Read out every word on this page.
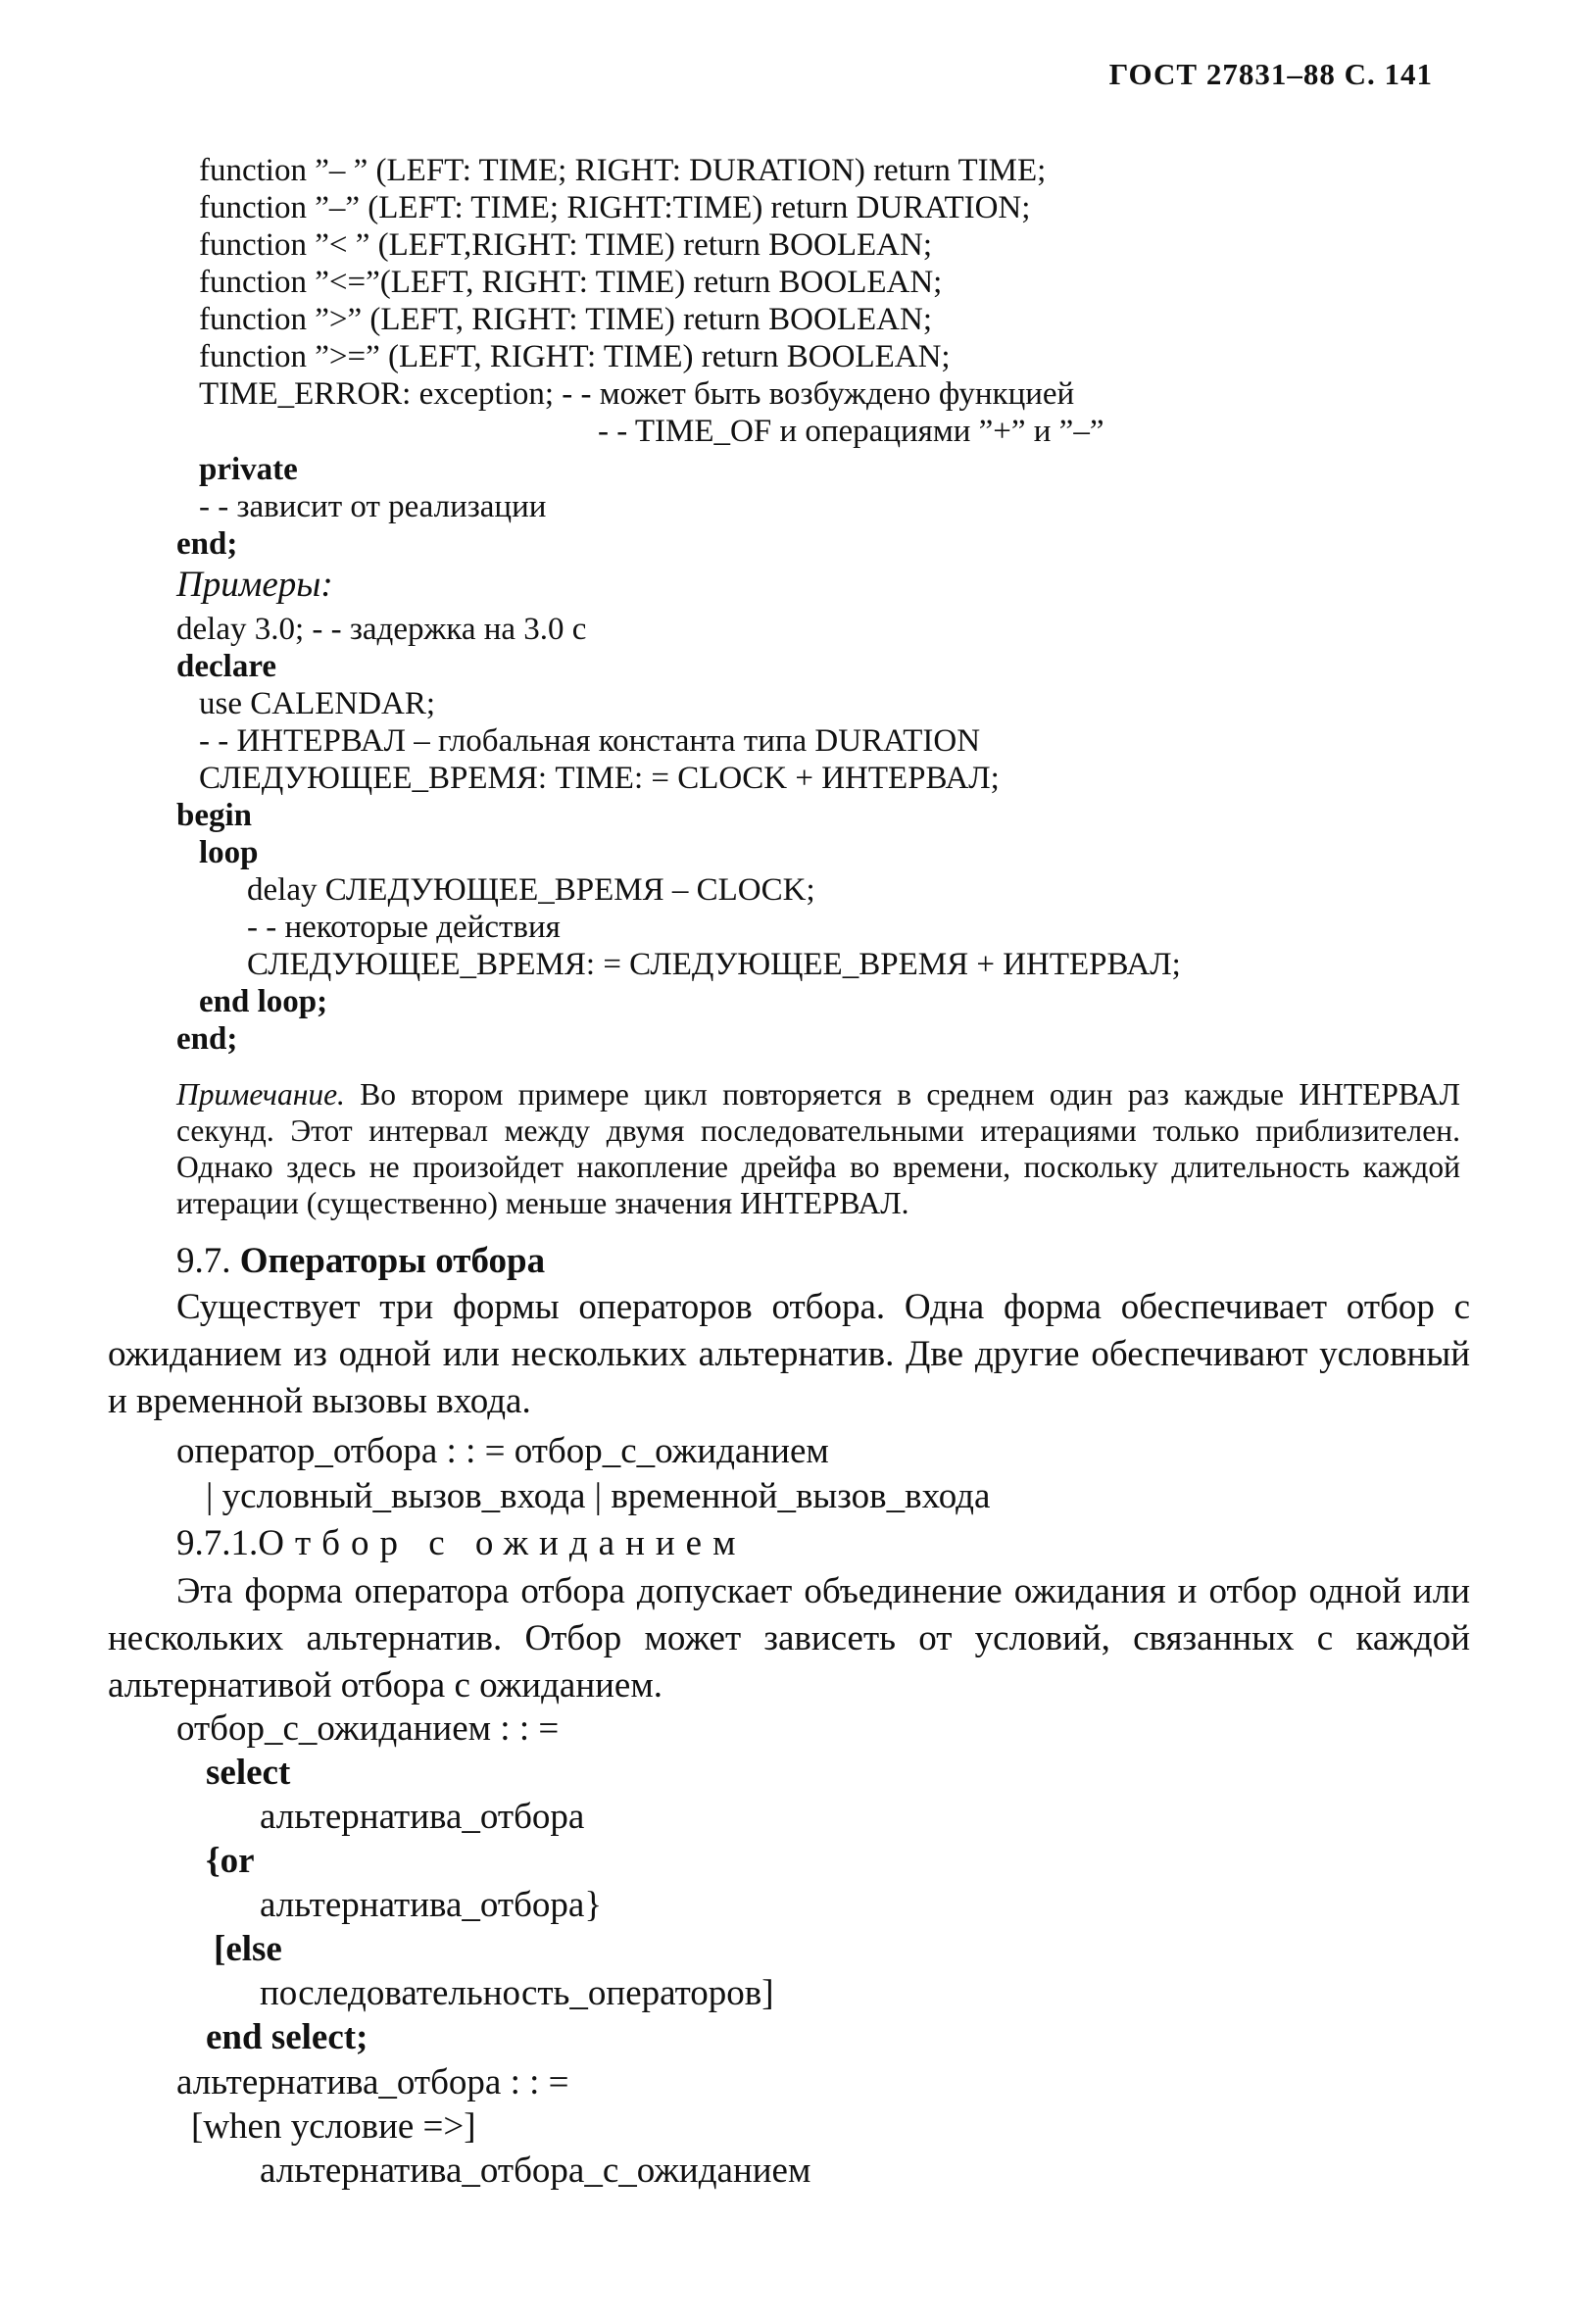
ГОСТ 27831–88 С. 141
function ”– ” (LEFT: TIME; RIGHT: DURATION) return TIME;
function ”–” (LEFT: TIME; RIGHT:TIME) return DURATION;
function ”< ” (LEFT,RIGHT: TIME) return BOOLEAN;
function ”<=”(LEFT, RIGHT: TIME) return BOOLEAN;
function ”>” (LEFT, RIGHT: TIME) return BOOLEAN;
function ”>=” (LEFT, RIGHT: TIME) return BOOLEAN;
TIME_ERROR: exception; - - может быть возбуждено функцией
- - TIME_OF и операциями ”+” и ”–”
private
- - зависит от реализации
end;
Примеры:
delay 3.0; - - задержка на 3.0 с
declare
use CALENDAR;
- - ИНТЕРВАЛ – глобальная константа типа DURATION
СЛЕДУЮЩЕЕ_ВРЕМЯ: TIME: = CLOCK + ИНТЕРВАЛ;
begin
loop
delay СЛЕДУЮЩЕЕ_ВРЕМЯ – CLOCK;
- - некоторые действия
СЛЕДУЮЩЕЕ_ВРЕМЯ: = СЛЕДУЮЩЕЕ_ВРЕМЯ + ИНТЕРВАЛ;
end loop;
end;
Примечание. Во втором примере цикл повторяется в среднем один раз каждые ИНТЕРВАЛ секунд. Этот интервал между двумя последовательными итерациями только приблизителен. Однако здесь не произойдет накопление дрейфа во времени, поскольку длительность каждой итерации (существенно) меньше значения ИНТЕРВАЛ.
9.7. Операторы отбора
Существует три формы операторов отбора. Одна форма обеспечивает отбор с ожиданием из одной или нескольких альтернатив. Две другие обеспечивают условный и временной вызовы входа.
оператор_отбора : : = отбор_с_ожиданием
| условный_вызов_входа | временной_вызов_входа
9.7.1.Отбор с ожиданием
Эта форма оператора отбора допускает объединение ожидания и отбор одной или нескольких альтернатив. Отбор может зависеть от условий, связанных с каждой альтернативой отбора с ожиданием.
отбор_с_ожиданием : : =
select
альтернатива_отбора
{or
альтернатива_отбора}
[else
последовательность_операторов]
end select;
альтернатива_отбора : : =
[when условие =>]
альтернатива_отбора_с_ожиданием
